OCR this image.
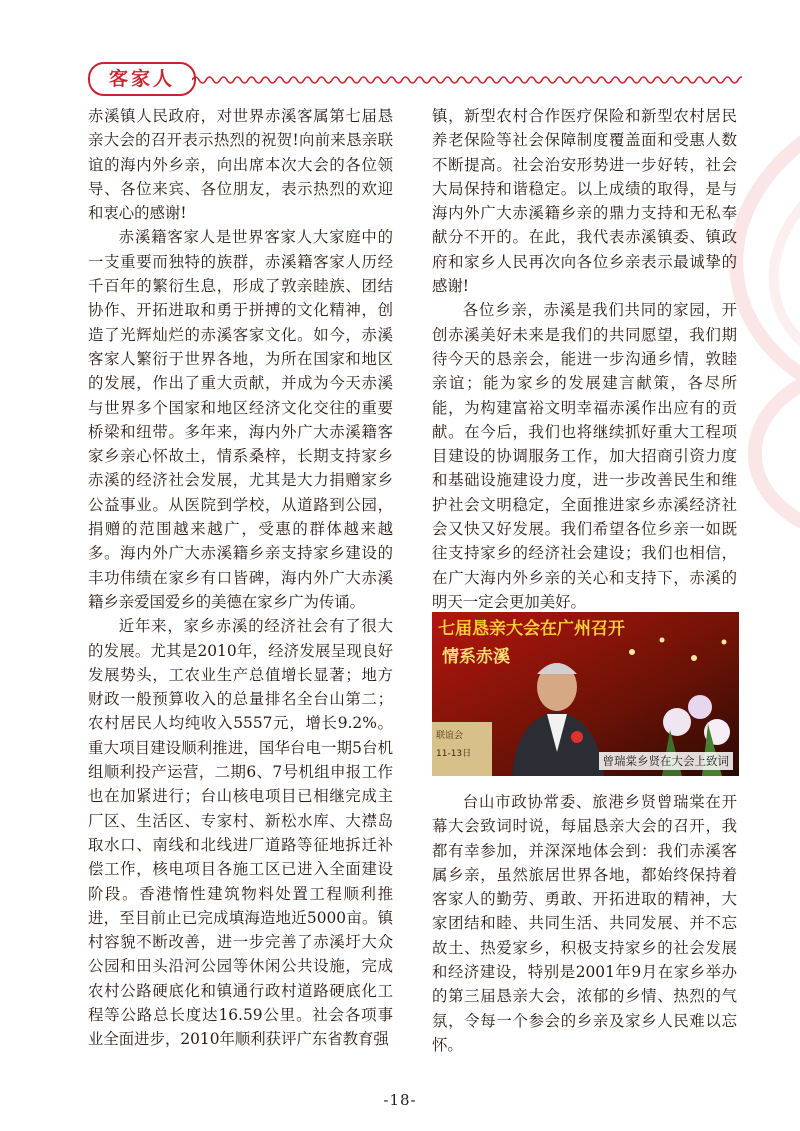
客家人

赤溪镇人民政府，对世界赤溪客属第七届恳亲大会的召开表示热烈的祝贺!向前来恳亲联谊的海内外乡亲，向出席本次大会的各位领导、各位来宾、各位朋友，表示热烈的欢迎和衷心的感谢!

赤溪籍客家人是世界客家人大家庭中的一支重要而独特的族群，赤溪籍客家人历经千百年的繁衍生息，形成了敦亲睦族、团结协作、开拓进取和勇于拼搏的文化精神，创造了光辉灿烂的赤溪客家文化。如今，赤溪客家人繁衍于世界各地，为所在国家和地区的发展，作出了重大贡献，并成为今天赤溪与世界多个国家和地区经济文化交往的重要桥梁和纽带。多年来，海内外广大赤溪籍客家乡亲心怀故土，情系桑梓，长期支持家乡赤溪的经济社会发展，尤其是大力捐赠家乡公益事业。从医院到学校，从道路到公园，捐赠的范围越来越广，受惠的群体越来越多。海内外广大赤溪籍乡亲支持家乡建设的丰功伟绩在家乡有口皆碑，海内外广大赤溪籍乡亲爱国爱乡的美德在家乡广为传诵。

近年来，家乡赤溪的经济社会有了很大的发展。尤其是2010年，经济发展呈现良好发展势头，工农业生产总值增长显著；地方财政一般预算收入的总量排名全台山第二；农村居民人均纯收入5557元，增长9.2%。重大项目建设顺利推进，国华台电一期5台机组顺利投产运营，二期6、7号机组申报工作也在加紧进行；台山核电项目已相继完成主厂区、生活区、专家村、新松水库、大襟岛取水口、南线和北线进厂道路等征地拆迁补偿工作，核电项目各施工区已进入全面建设阶段。香港惰性建筑物料处置工程顺利推进，至目前止已完成填海造地近5000亩。镇村容貌不断改善，进一步完善了赤溪圩大众公园和田头沿河公园等休闲公共设施，完成农村公路硬底化和镇通行政村道路硬底化工程等公路总长度达16.59公里。社会各项事业全面进步，2010年顺利获评广东省教育强

镇，新型农村合作医疗保险和新型农村居民养老保险等社会保障制度覆盖面和受惠人数不断提高。社会治安形势进一步好转，社会大局保持和谐稳定。以上成绩的取得，是与海内外广大赤溪籍乡亲的鼎力支持和无私奉献分不开的。在此，我代表赤溪镇委、镇政府和家乡人民再次向各位乡亲表示最诚挚的感谢!

各位乡亲，赤溪是我们共同的家园，开创赤溪美好未来是我们的共同愿望，我们期待今天的恳亲会，能进一步沟通乡情，敦睦亲谊；能为家乡的发展建言献策，各尽所能，为构建富裕文明幸福赤溪作出应有的贡献。在今后，我们也将继续抓好重大工程项目建设的协调服务工作，加大招商引资力度和基础设施建设力度，进一步改善民生和维护社会文明稳定，全面推进家乡赤溪经济社会又快又好发展。我们希望各位乡亲一如既往支持家乡的经济社会建设；我们也相信，在广大海内外乡亲的关心和支持下，赤溪的明天一定会更加美好。

七届恳亲大会在广州召开
情系赤溪
联谊会
11-13日	曾瑞棠乡贤在大会上致词

台山市政协常委、旅港乡贤曾瑞棠在开幕大会致词时说，每届恳亲大会的召开，我都有幸参加，并深深地体会到：我们赤溪客属乡亲，虽然旅居世界各地，都始终保持着客家人的勤劳、勇敢、开拓进取的精神，大家团结和睦、共同生活、共同发展、并不忘故土、热爱家乡，积极支持家乡的社会发展和经济建设，特别是2001年9月在家乡举办的第三届恳亲大会，浓郁的乡情、热烈的气氛，令每一个参会的乡亲及家乡人民难以忘怀。

-18-
